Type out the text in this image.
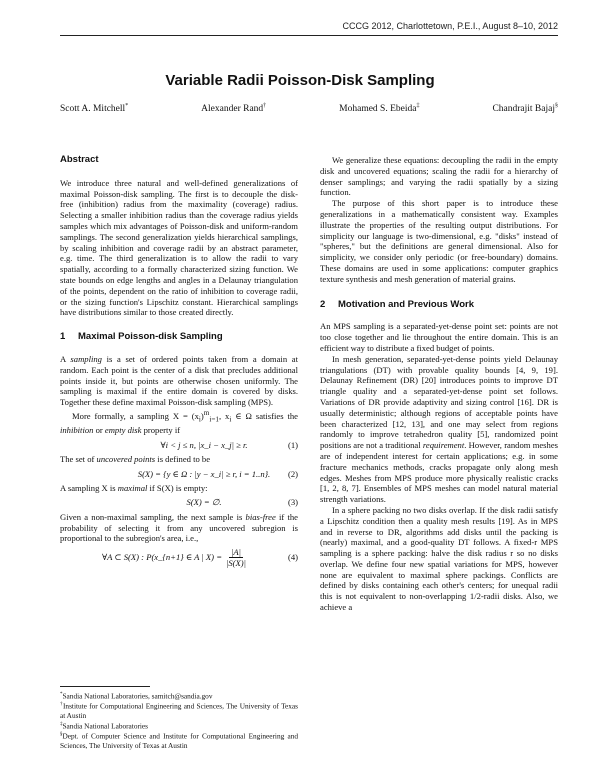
CCCG 2012, Charlottetown, P.E.I., August 8–10, 2012
Variable Radii Poisson-Disk Sampling
Scott A. Mitchell*	Alexander Rand†	Mohamed S. Ebeida‡	Chandrajit Bajaj§
Abstract

We introduce three natural and well-defined generalizations of maximal Poisson-disk sampling. The first is to decouple the disk-free (inhibition) radius from the maximality (coverage) radius. Selecting a smaller inhibition radius than the coverage radius yields samples which mix advantages of Poisson-disk and uniform-random samplings. The second generalization yields hierarchical samplings, by scaling inhibition and coverage radii by an abstract parameter, e.g. time. The third generalization is to allow the radii to vary spatially, according to a formally characterized sizing function. We state bounds on edge lengths and angles in a Delaunay triangulation of the points, dependent on the ratio of inhibition to coverage radii, or the sizing function's Lipschitz constant. Hierarchical samplings have distributions similar to those created directly.

1 Maximal Poisson-disk Sampling

A sampling is a set of ordered points taken from a domain at random. Each point is the center of a disk that precludes additional points inside it, but points are otherwise chosen uniformly. The sampling is maximal if the entire domain is covered by disks. Together these define maximal Poisson-disk sampling (MPS).

More formally, a sampling $X = (x_i)^m_{i=1}$, $x_i$ ∈ Ω satisfies the inhibition or empty disk property if

∀i < j ≤ n, |x_i − x_j| ≥ r.	(1)

The set of uncovered points is defined to be

S(X) = {y ∈ Ω : |y − x_i| ≥ r, i = 1..n}.	(2)

A sampling X is maximal if S(X) is empty:

S(X) = ∅.	(3)

Given a non-maximal sampling, the next sample is bias-free if the probability of selecting it from any uncovered subregion is proportional to the subregion's area, i.e.,

∀A ⊂ S(X) : P(x_{n+1} ∈ A | $X) = \frac{|A|}{|S(X)|}$	(4)
*Sandia National Laboratories, samitch@sandia.gov
†Institute for Computational Engineering and Sciences, The University of Texas at Austin
‡Sandia National Laboratories
§Dept. of Computer Science and Institute for Computational Engineering and Sciences, The University of Texas at Austin

We generalize these equations: decoupling the radii in the empty disk and uncovered equations; scaling the radii for a hierarchy of denser samplings; and varying the radii spatially by a sizing function.

The purpose of this short paper is to introduce these generalizations in a mathematically consistent way. Examples illustrate the properties of the resulting output distributions. For simplicity our language is two-dimensional, e.g. "disks" instead of "spheres," but the definitions are general dimensional. Also for simplicity, we consider only periodic (or free-boundary) domains. These domains are used in some applications: computer graphics texture synthesis and mesh generation of material grains.

2 Motivation and Previous Work

An MPS sampling is a separated-yet-dense point set: points are not too close together and lie throughout the entire domain. This is an efficient way to distribute a fixed budget of points.

In mesh generation, separated-yet-dense points yield Delaunay triangulations (DT) with provable quality bounds [4, 9, 19]. Delaunay Refinement (DR) [20] introduces points to improve DT triangle quality and a separated-yet-dense point set follows. Variations of DR provide adaptivity and sizing control [16]. DR is usually deterministic; although regions of acceptable points have been characterized [12, 13], and one may select from regions randomly to improve tetrahedron quality [5], randomized point positions are not a traditional requirement. However, random meshes are of independent interest for certain applications; e.g. in some fracture mechanics methods, cracks propagate only along mesh edges. Meshes from MPS produce more physically realistic cracks [1, 2, 8, 7]. Ensembles of MPS meshes can model natural material strength variations.

In a sphere packing no two disks overlap. If the disk radii satisfy a Lipschitz condition then a quality mesh results [19]. As in MPS and in reverse to DR, algorithms add disks until the packing is (nearly) maximal, and a good-quality DT follows. A fixed-r MPS sampling is a sphere packing: halve the disk radius r so no disks overlap. We define four new spatial variations for MPS, however none are equivalent to maximal sphere packings. Conflicts are defined by disks containing each other's centers; for unequal radii this is not equivalent to non-overlapping 1/2-radii disks. Also, we achieve a
